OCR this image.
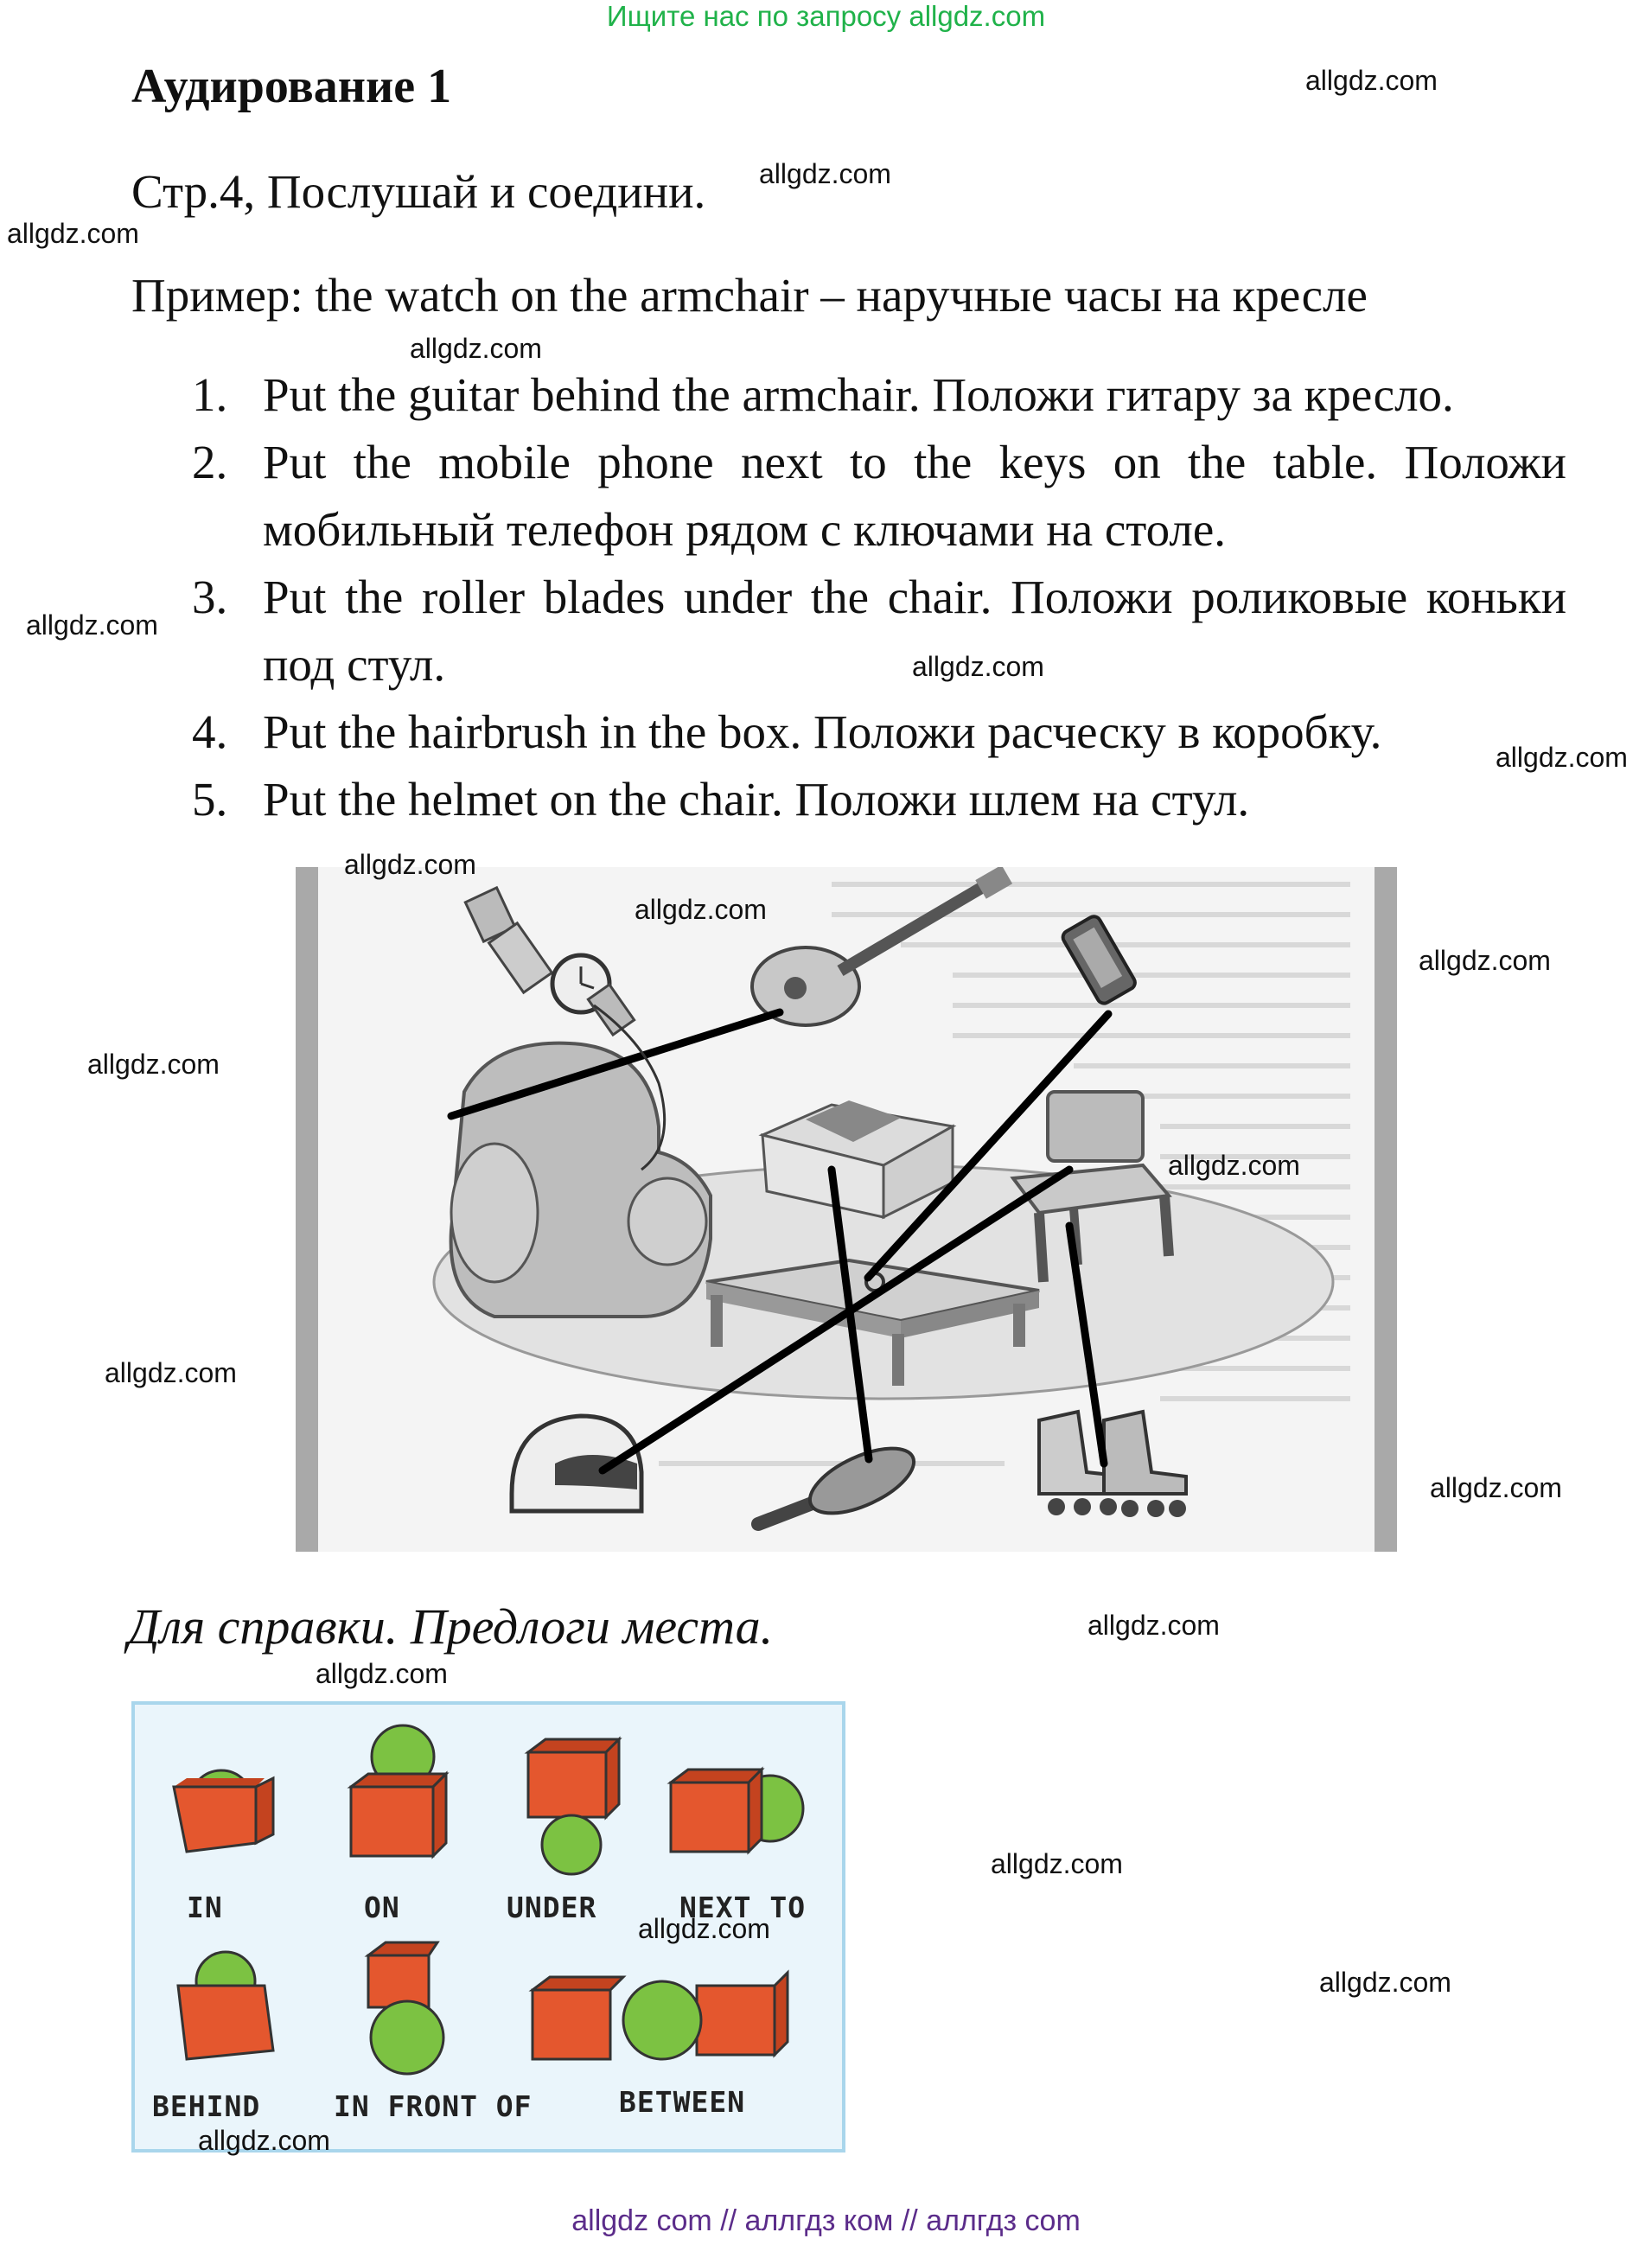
Ищите нас по запросу allgdz.com
Аудирование 1
Стр.4, Послушай и соедини.
Пример: the watch on the armchair – наручные часы на кресле
1. Put the guitar behind the armchair. Положи гитару за кресло.
2. Put the mobile phone next to the keys on the table. Положи мобильный телефон рядом с ключами на столе.
3. Put the roller blades under the chair. Положи роликовые коньки под стул.
4. Put the hairbrush in the box. Положи расческу в коробку.
5. Put the helmet on the chair. Положи шлем на стул.
Для справки. Предлоги места.
IN	ON	UNDER	NEXT TO
BEHIND	IN FRONT OF	BETWEEN
allgdz.com
allgdz.com
allgdz.com
allgdz.com
allgdz.com
allgdz.com
allgdz.com
allgdz.com
allgdz.com
allgdz.com
allgdz.com
allgdz.com
allgdz.com
allgdz.com
allgdz.com
allgdz.com
allgdz.com
allgdz.com
allgdz.com
allgdz.com
allgdz com // аллгдз ком // аллгдз com
